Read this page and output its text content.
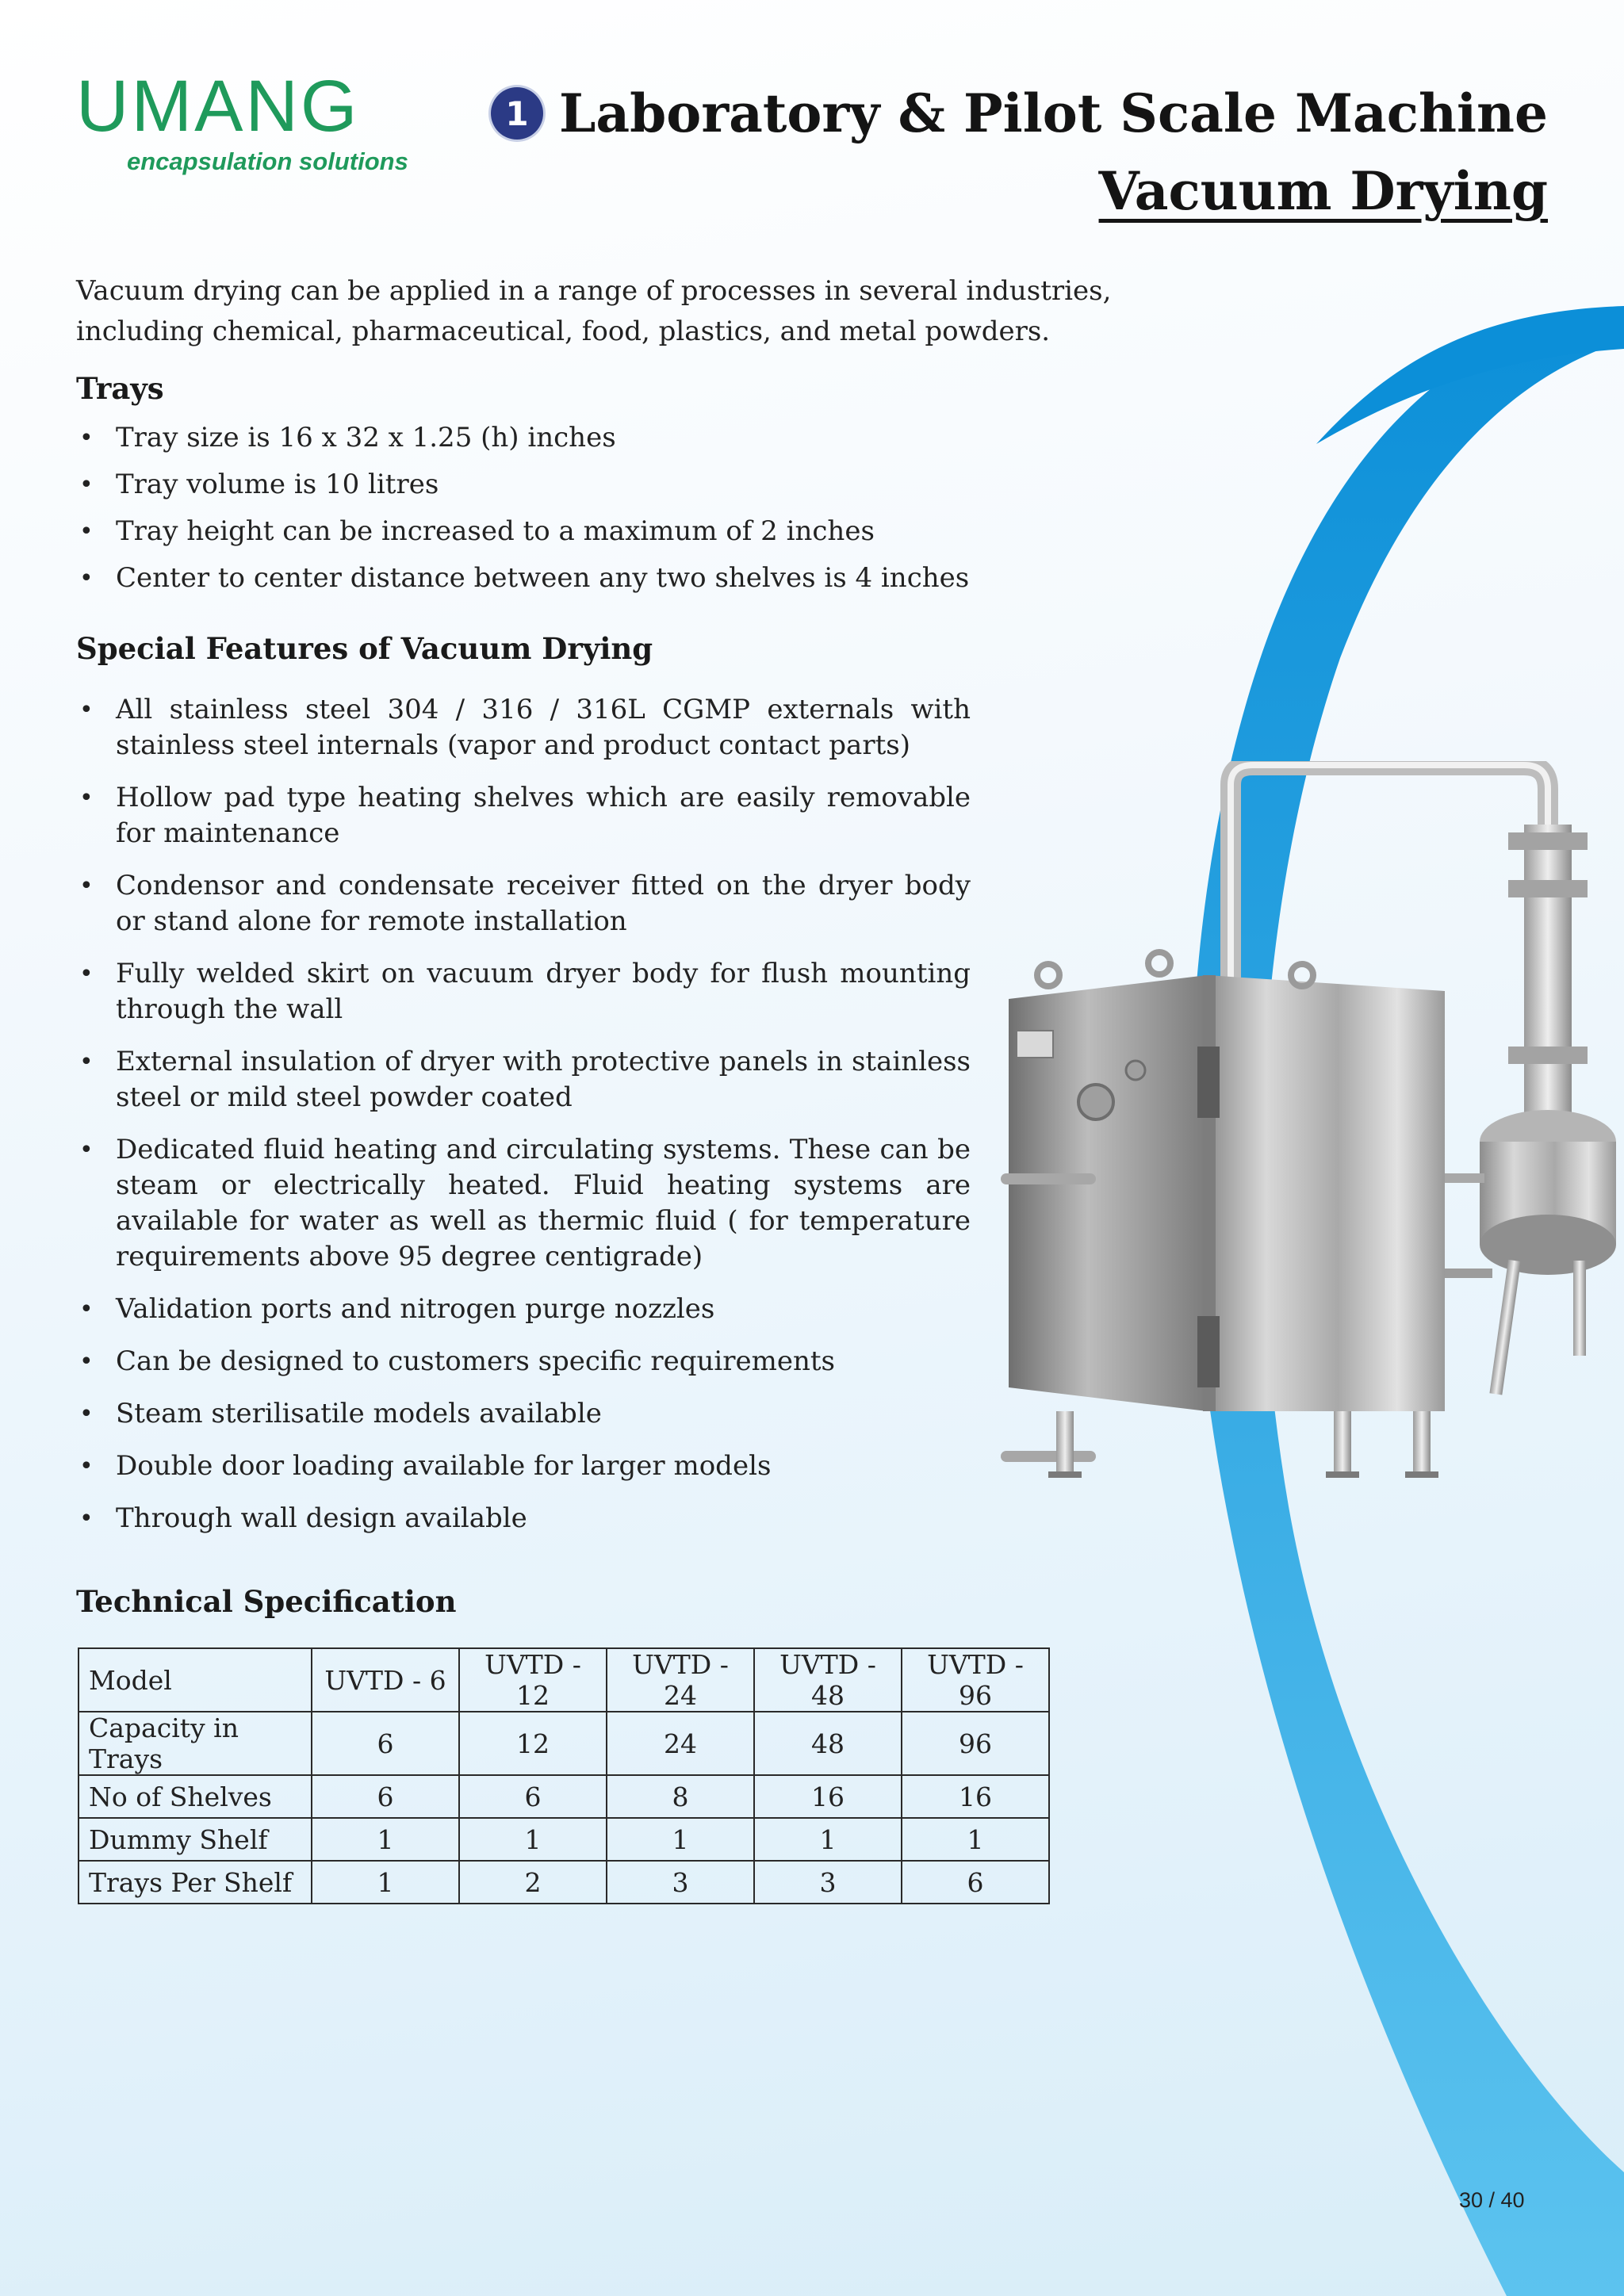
UMANG
encapsulation solutions
1 Laboratory & Pilot Scale Machine
Vacuum Drying

Vacuum drying can be applied in a range of processes in several industries, including chemical, pharmaceutical, food, plastics, and metal powders.

Trays
• Tray size is 16 x 32 x 1.25 (h) inches
• Tray volume is 10 litres
• Tray height can be increased to a maximum of 2 inches
• Center to center distance between any two shelves is 4 inches
Special Features of Vacuum Drying
• All stainless steel 304 / 316 / 316L CGMP externals with stainless steel internals (vapor and product contact parts)
• Hollow pad type heating shelves which are easily removable for maintenance
• Condensor and condensate receiver fitted on the dryer body or stand alone for remote installation
• Fully welded skirt on vacuum dryer body for flush mounting through the wall
• External insulation of dryer with protective panels in stainless steel or mild steel powder coated
• Dedicated fluid heating and circulating systems. These can be steam or electrically heated. Fluid heating systems are available for water as well as thermic fluid ( for temperature requirements above 95 degree centigrade)
• Validation ports and nitrogen purge nozzles
• Can be designed to customers specific requirements
• Steam sterilisatile models available
• Double door loading available for larger models
• Through wall design available
Technical Specification
Model	UVTD - 6	UVTD - 12	UVTD - 24	UVTD - 48	UVTD - 96
Capacity in Trays	6	12	24	48	96
No of Shelves	6	6	8	16	16
Dummy Shelf	1	1	1	1	1
Trays Per Shelf	1	2	3	3	6
30 / 40
